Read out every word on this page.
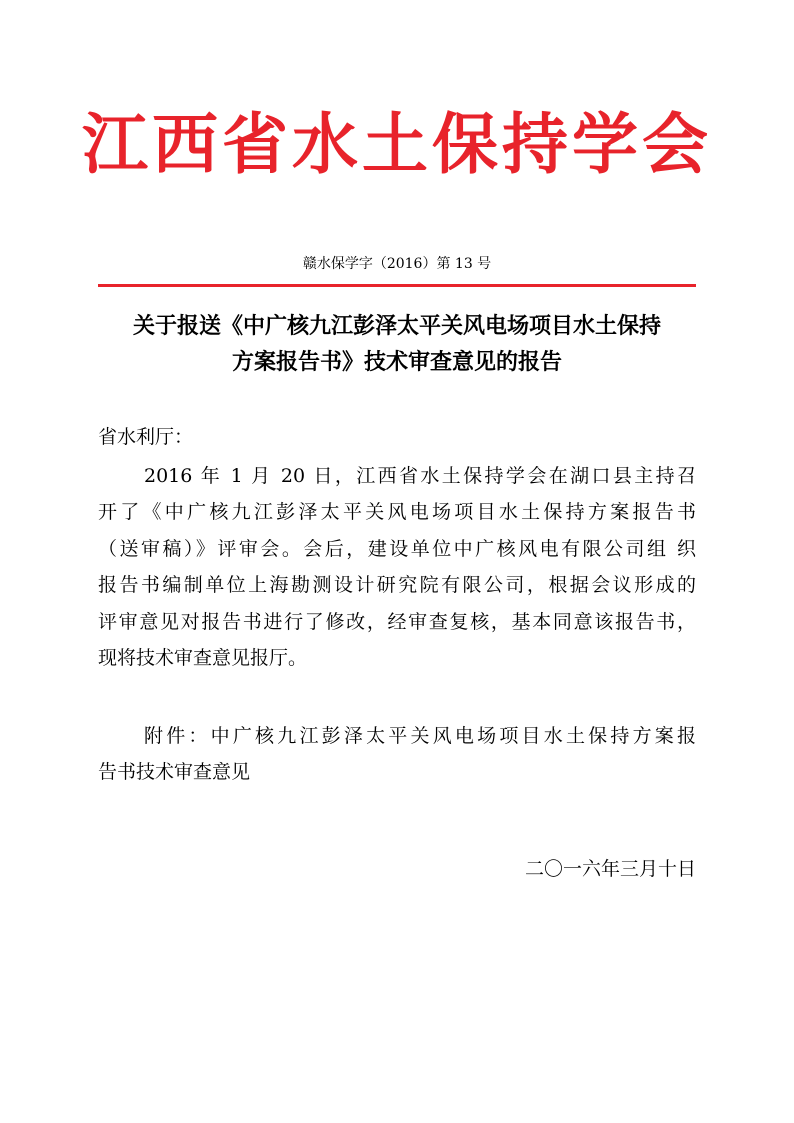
江西省水土保持学会
赣水保学字（2016）第 13 号
关于报送《中广核九江彭泽太平关风电场项目水土保持
方案报告书》技术审查意见的报告
省水利厅：
2016 年 1 月 20 日，江西省水土保持学会在湖口县主持召
开了《中广核九江彭泽太平关风电场项目水土保持方案报告书
（送审稿）》评审会。会后，建设单位中广核风电有限公司组 织
报告书编制单位上海勘测设计研究院有限公司，根据会议形成的
评审意见对报告书进行了修改，经审查复核，基本同意该报告书，
现将技术审查意见报厅。
附件：中广核九江彭泽太平关风电场项目水土保持方案报
告书技术审查意见
二〇一六年三月十日
